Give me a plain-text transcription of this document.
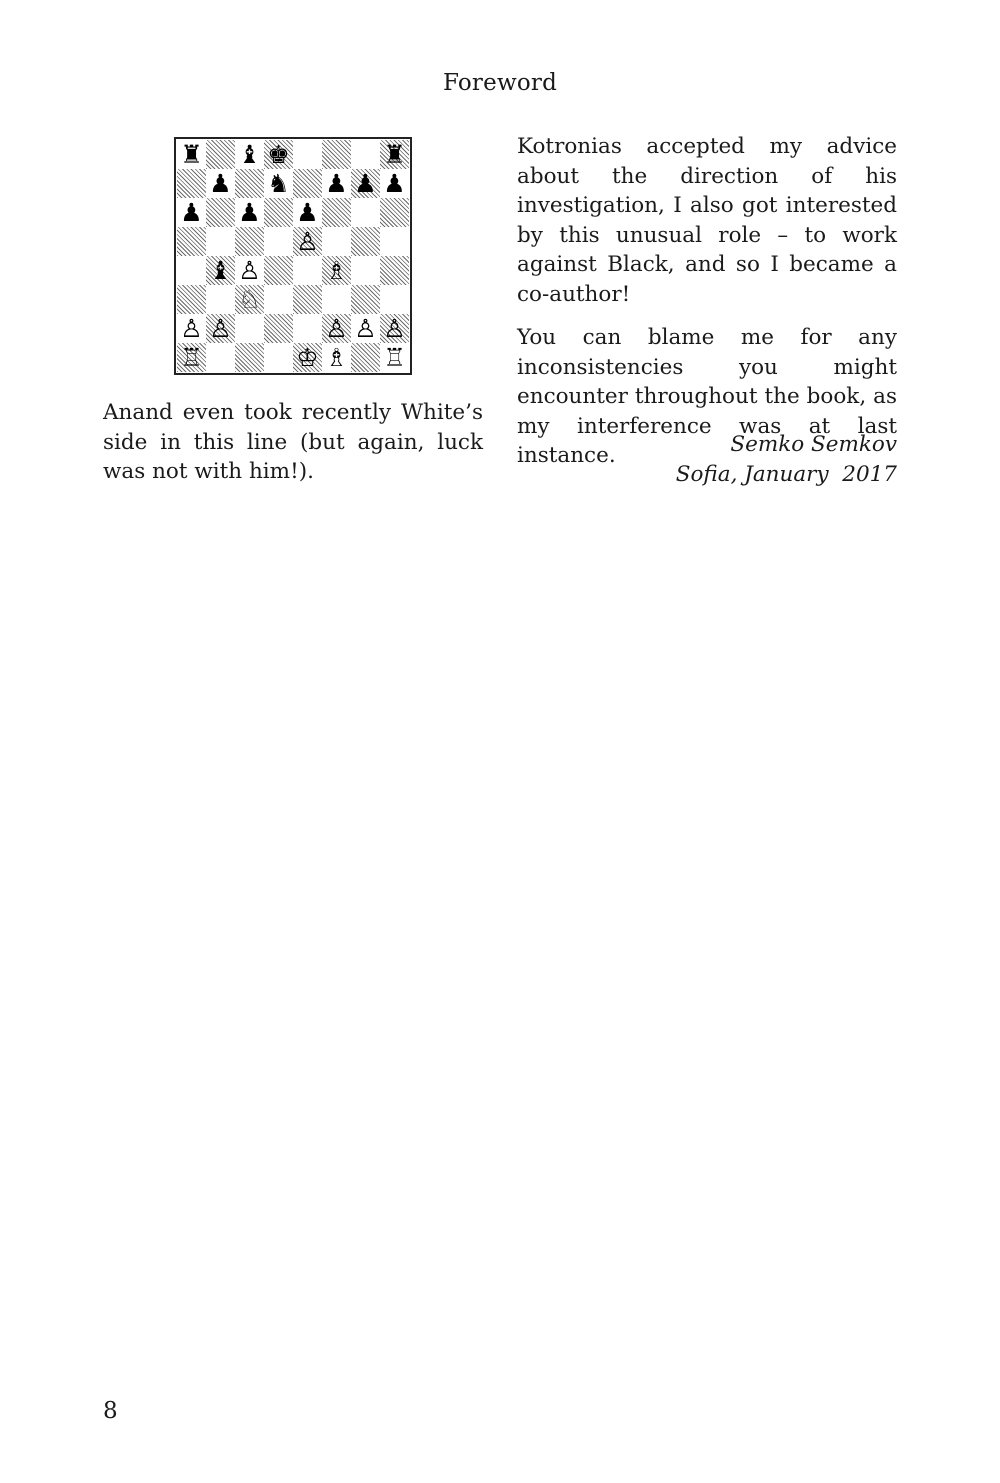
Foreword
♜ ♝ ♚	♜
♟ ♞ ♟ ♟ ♟
♟ ♟ ♟
♙
♝ ♙	♗
♘
♙ ♙	♙ ♙ ♙
♖	♔ ♗ ♖

Anand even took recently White’s side in this line (but again, luck was not with him!).

Kotronias accepted my advice about the direction of his investigation, I also got interested by this unusual role – to work against Black, and so I became a co-author!

You can blame me for any inconsistencies you might encounter throughout the book, as my interference was at last instance.	Semko Semkov
Sofia, January  2017
8
